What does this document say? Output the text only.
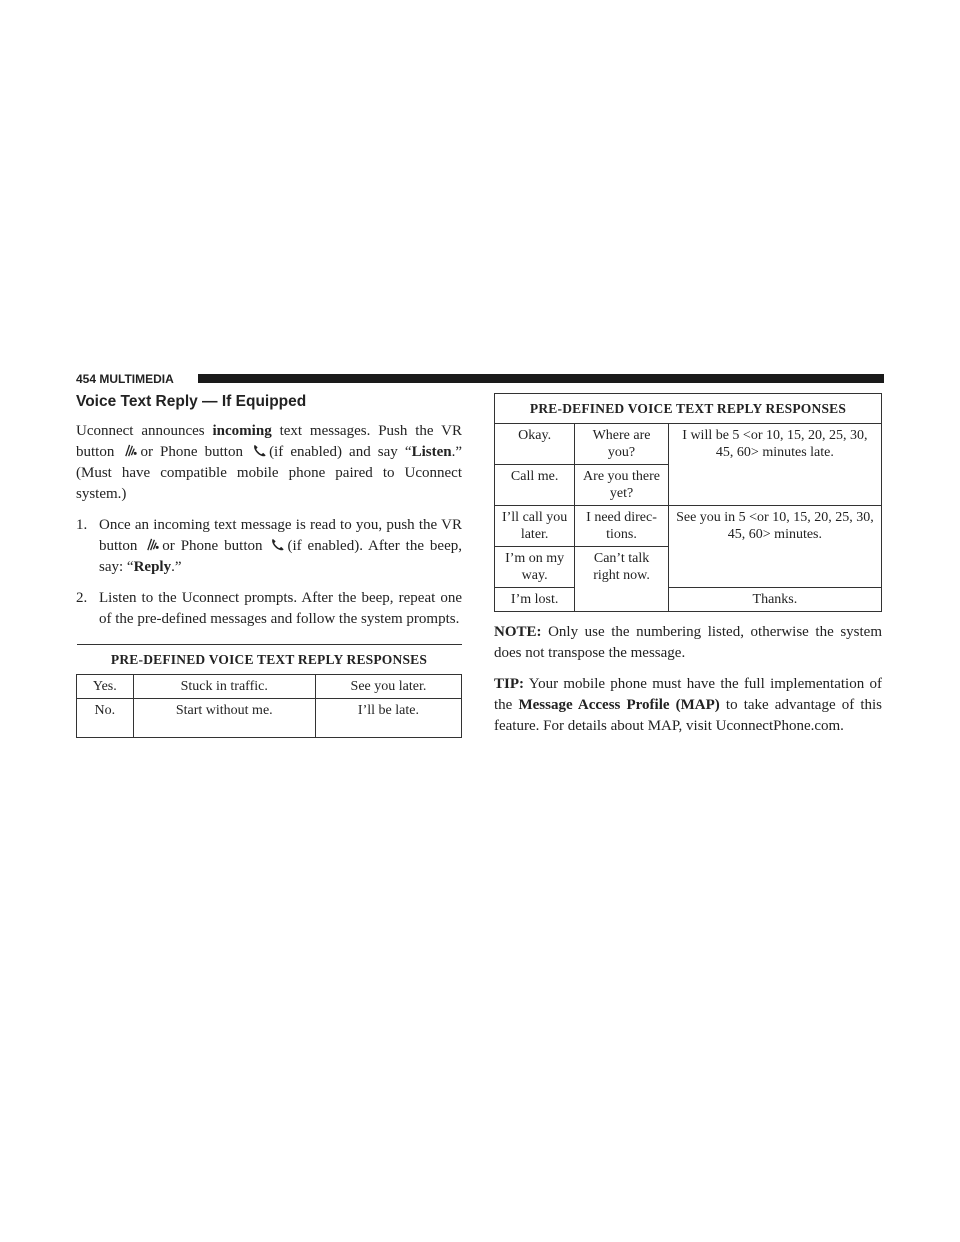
454 MULTIMEDIA
Voice Text Reply — If Equipped

Uconnect announces incoming text messages. Push the VR button or Phone button (if enabled) and say “Listen.” (Must have compatible mobile phone paired to Uconnect system.)

1. Once an incoming text message is read to you, push the VR button or Phone button (if enabled). After the beep, say: “Reply.”
2. Listen to the Uconnect prompts. After the beep, repeat one of the pre-defined messages and follow the system prompts.
PRE-DEFINED VOICE TEXT REPLY RESPONSES		
Yes.	Stuck in traffic.	See you later.
No.	Start without me.	I’ll be late.
PRE-DEFINED VOICE TEXT REPLY RESPONSES		
Okay.	Where are you?	I will be 5 <or 10, 15, 20, 25, 30, 45, 60> minutes late.
Call me.	Are you there yet?	
I’ll call you later.	I need direc-tions.	See you in 5 <or 10, 15, 20, 25, 30, 45, 60> minutes.
I’m on my way.	Can’t talk right now.	
I’m lost.		Thanks.

NOTE: Only use the numbering listed, otherwise the system does not transpose the message.

TIP: Your mobile phone must have the full implementation of the Message Access Profile (MAP) to take advantage of this feature. For details about MAP, visit UconnectPhone.com.
